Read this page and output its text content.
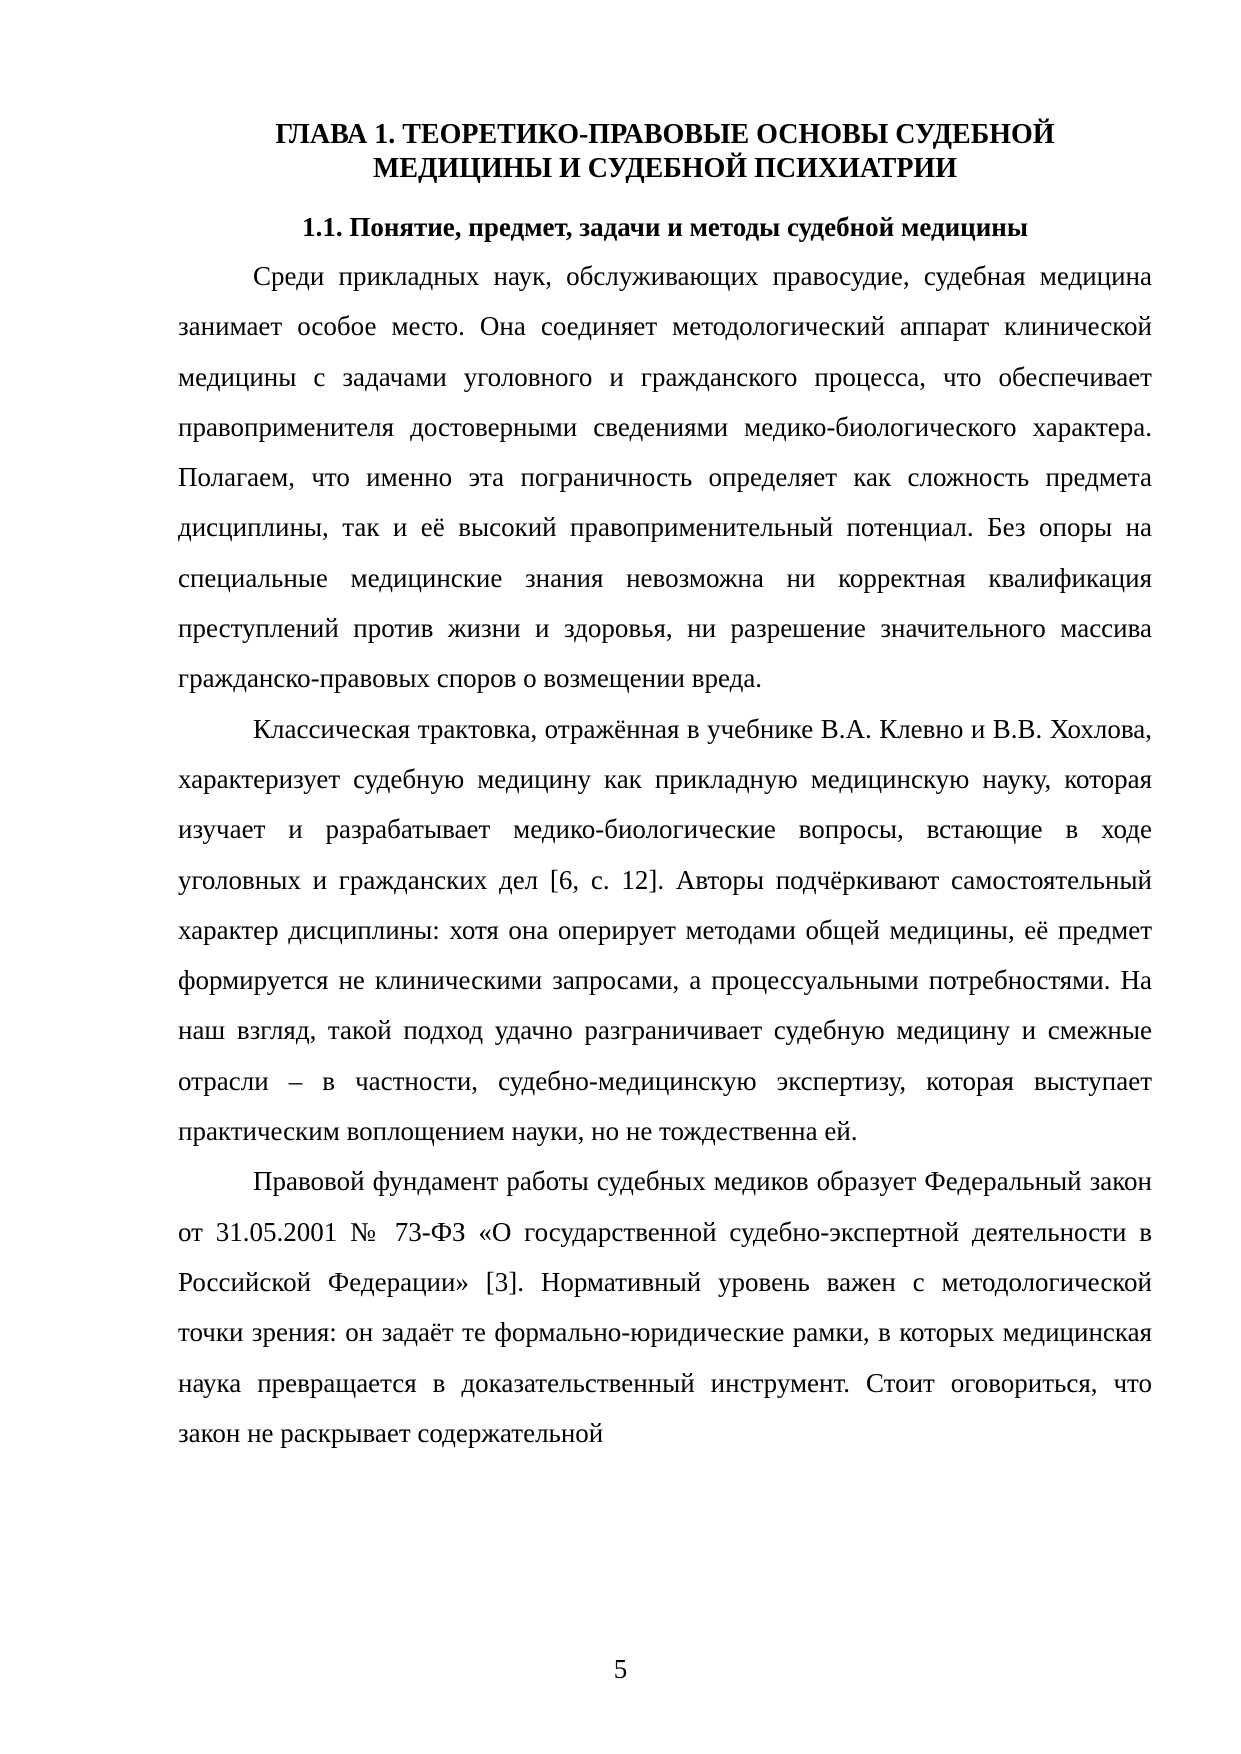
ГЛАВА 1. ТЕОРЕТИКО-ПРАВОВЫЕ ОСНОВЫ СУДЕБНОЙ
МЕДИЦИНЫ И СУДЕБНОЙ ПСИХИАТРИИ
1.1. Понятие, предмет, задачи и методы судебной медицины

Среди прикладных наук, обслуживающих правосудие, судебная медицина занимает особое место. Она соединяет методологический аппарат клинической медицины с задачами уголовного и гражданского процесса, что обеспечивает правоприменителя достоверными сведениями медико-биологического характера. Полагаем, что именно эта пограничность определяет как сложность предмета дисциплины, так и её высокий правоприменительный потенциал. Без опоры на специальные медицинские знания невозможна ни корректная квалификация преступлений против жизни и здоровья, ни разрешение значительного массива гражданско-правовых споров о возмещении вреда.

Классическая трактовка, отражённая в учебнике В.А. Клевно и В.В. Хохлова, характеризует судебную медицину как прикладную медицинскую науку, которая изучает и разрабатывает медико-биологические вопросы, встающие в ходе уголовных и гражданских дел [6, с. 12]. Авторы подчёркивают самостоятельный характер дисциплины: хотя она оперирует методами общей медицины, её предмет формируется не клиническими запросами, а процессуальными потребностями. На наш взгляд, такой подход удачно разграничивает судебную медицину и смежные отрасли – в частности, судебно-медицинскую экспертизу, которая выступает практическим воплощением науки, но не тождественна ей.

Правовой фундамент работы судебных медиков образует Федеральный закон от 31.05.2001 № 73-ФЗ «О государственной судебно-экспертной деятельности в Российской Федерации» [3]. Нормативный уровень важен с методологической точки зрения: он задаёт те формально-юридические рамки, в которых медицинская наука превращается в доказательственный инструмент. Стоит оговориться, что закон не раскрывает содержательной

5
